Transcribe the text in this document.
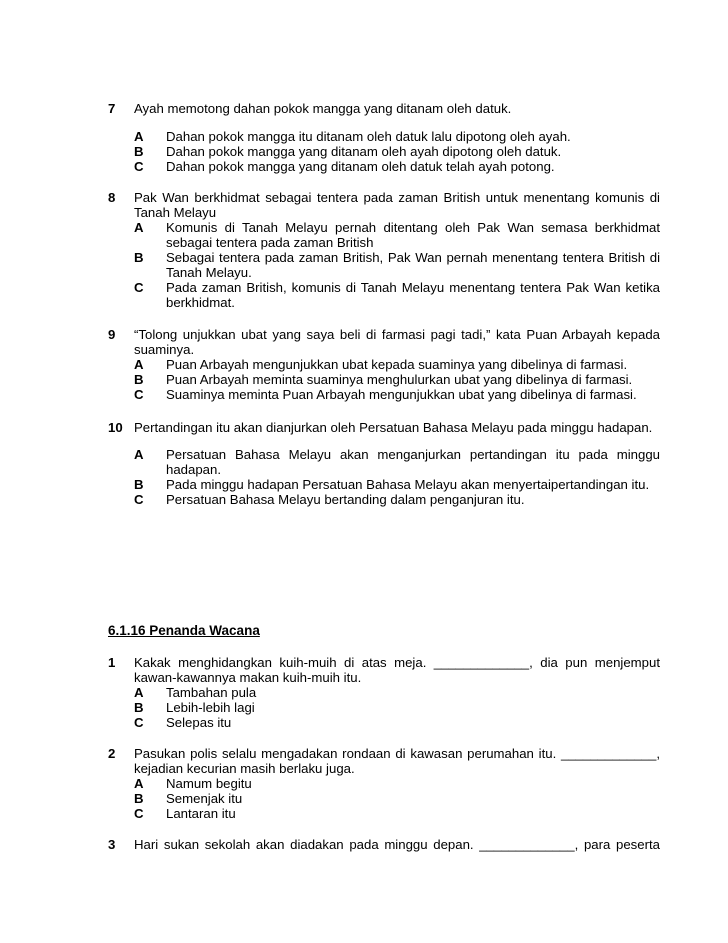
7 Ayah memotong dahan pokok mangga yang ditanam oleh datuk.
A Dahan pokok mangga itu ditanam oleh datuk lalu dipotong oleh ayah.
B Dahan pokok mangga yang ditanam oleh ayah dipotong oleh datuk.
C Dahan pokok mangga yang ditanam oleh datuk telah ayah potong.
8 Pak Wan berkhidmat sebagai tentera pada zaman British untuk menentang komunis di Tanah Melayu
A Komunis di Tanah Melayu pernah ditentang oleh Pak Wan semasa berkhidmat sebagai tentera pada zaman British
B Sebagai tentera pada zaman British, Pak Wan pernah menentang tentera British di Tanah Melayu.
C Pada zaman British, komunis di Tanah Melayu menentang tentera Pak Wan ketika berkhidmat.
9 “Tolong unjukkan ubat yang saya beli di farmasi pagi tadi,” kata Puan Arbayah kepada suaminya.
A Puan Arbayah mengunjukkan ubat kepada suaminya yang dibelinya di farmasi.
B Puan Arbayah meminta suaminya menghulurkan ubat yang dibelinya di farmasi.
C Suaminya meminta Puan Arbayah mengunjukkan ubat yang dibelinya di farmasi.
10 Pertandingan itu akan dianjurkan oleh Persatuan Bahasa Melayu pada minggu hadapan.
A Persatuan Bahasa Melayu akan menganjurkan pertandingan itu pada minggu hadapan.
B Pada minggu hadapan Persatuan Bahasa Melayu akan menyertaipertandingan itu.
C Persatuan Bahasa Melayu bertanding dalam penganjuran itu.
6.1.16 Penanda Wacana
1 Kakak menghidangkan kuih-muih di atas meja. _____________, dia pun menjemput kawan-kawannya makan kuih-muih itu.
A Tambahan pula
B Lebih-lebih lagi
C Selepas itu
2 Pasukan polis selalu mengadakan rondaan di kawasan perumahan itu. _____________, kejadian kecurian masih berlaku juga.
A Namum begitu
B Semenjak itu
C Lantaran itu
3 Hari sukan sekolah akan diadakan pada minggu depan. _____________, para peserta
